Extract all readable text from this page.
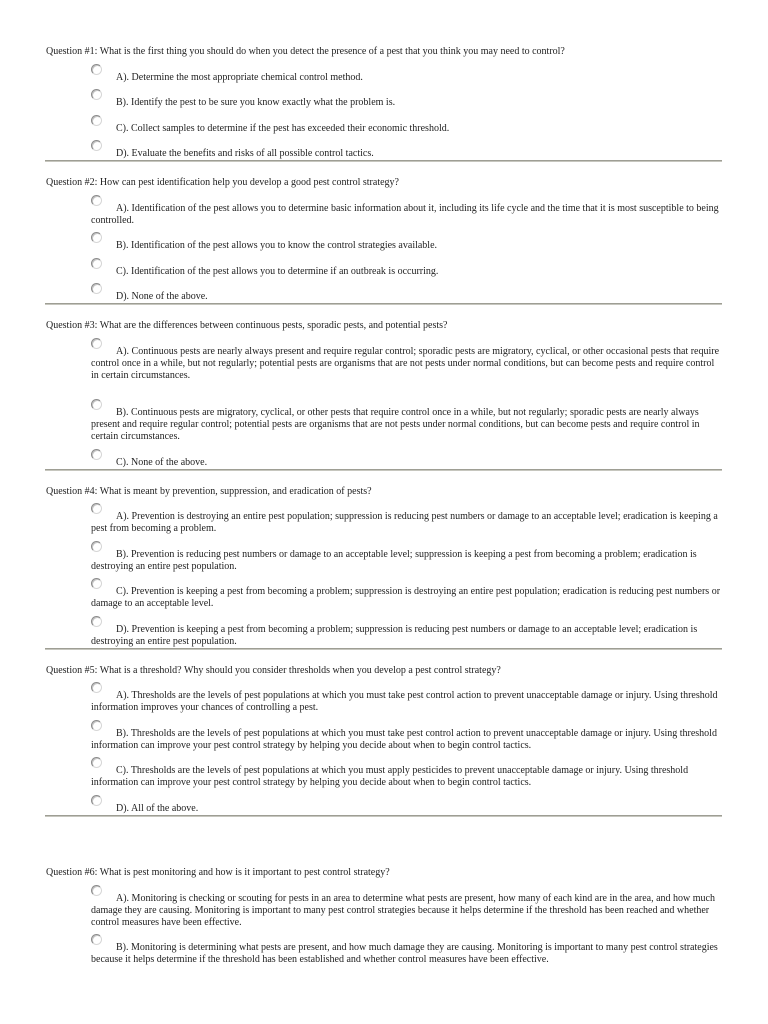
Question #1: What is the first thing you should do when you detect the presence of a pest that you think you may need to control?
A). Determine the most appropriate chemical control method.
B). Identify the pest to be sure you know exactly what the problem is.
C). Collect samples to determine if the pest has exceeded their economic threshold.
D). Evaluate the benefits and risks of all possible control tactics.
Question #2: How can pest identification help you develop a good pest control strategy?
A). Identification of the pest allows you to determine basic information about it, including its life cycle and the time that it is most susceptible to being controlled.
B). Identification of the pest allows you to know the control strategies available.
C). Identification of the pest allows you to determine if an outbreak is occurring.
D). None of the above.
Question #3: What are the differences between continuous pests, sporadic pests, and potential pests?
A). Continuous pests are nearly always present and require regular control; sporadic pests are migratory, cyclical, or other occasional pests that require control once in a while, but not regularly; potential pests are organisms that are not pests under normal conditions, but can become pests and require control in certain circumstances.
B). Continuous pests are migratory, cyclical, or other pests that require control once in a while, but not regularly; sporadic pests are nearly always present and require regular control; potential pests are organisms that are not pests under normal conditions, but can become pests and require control in certain circumstances.
C). None of the above.
Question #4: What is meant by prevention, suppression, and eradication of pests?
A). Prevention is destroying an entire pest population; suppression is reducing pest numbers or damage to an acceptable level; eradication is keeping a pest from becoming a problem.
B). Prevention is reducing pest numbers or damage to an acceptable level; suppression is keeping a pest from becoming a problem; eradication is destroying an entire pest population.
C). Prevention is keeping a pest from becoming a problem; suppression is destroying an entire pest population; eradication is reducing pest numbers or damage to an acceptable level.
D). Prevention is keeping a pest from becoming a problem; suppression is reducing pest numbers or damage to an acceptable level; eradication is destroying an entire pest population.
Question #5: What is a threshold? Why should you consider thresholds when you develop a pest control strategy?
A). Thresholds are the levels of pest populations at which you must take pest control action to prevent unacceptable damage or injury. Using threshold information improves your chances of controlling a pest.
B). Thresholds are the levels of pest populations at which you must take pest control action to prevent unacceptable damage or injury. Using threshold information can improve your pest control strategy by helping you decide about when to begin control tactics.
C). Thresholds are the levels of pest populations at which you must apply pesticides to prevent unacceptable damage or injury. Using threshold information can improve your pest control strategy by helping you decide about when to begin control tactics.
D). All of the above.
Question #6: What is pest monitoring and how is it important to pest control strategy?
A). Monitoring is checking or scouting for pests in an area to determine what pests are present, how many of each kind are in the area, and how much damage they are causing. Monitoring is important to many pest control strategies because it helps determine if the threshold has been reached and whether control measures have been effective.
B). Monitoring is determining what pests are present, and how much damage they are causing. Monitoring is important to many pest control strategies because it helps determine if the threshold has been established and whether control measures have been effective.
